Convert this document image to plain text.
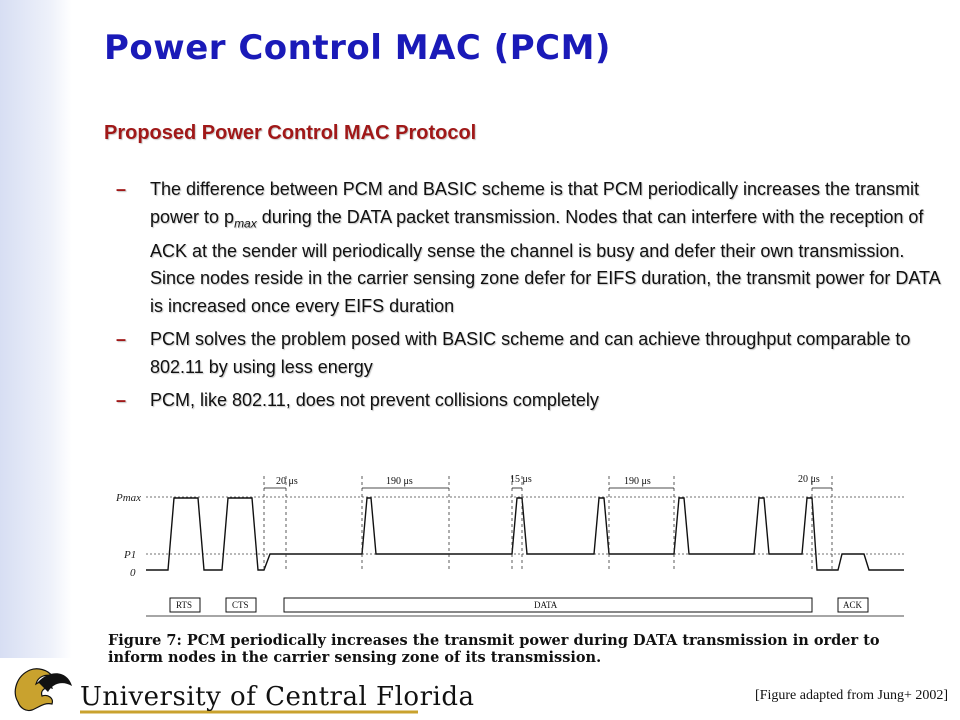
Power Control MAC (PCM)
Proposed Power Control MAC Protocol
– The difference between PCM and BASIC scheme is that PCM periodically increases the transmit power to $p_{max}$ during the DATA packet transmission. Nodes that can interfere with the reception of ACK at the sender will periodically sense the channel is busy and defer their own transmission. Since nodes reside in the carrier sensing zone defer for EIFS duration, the transmit power for DATA is increased once every EIFS duration
– PCM solves the problem posed with BASIC scheme and can achieve throughput comparable to 802.11 by using less energy
– PCM, like 802.11, does not prevent collisions completely
Pmax
P1
0
20 μs	190 μs	15 μs	190 μs	20 μs
RTS	CTS	DATA	ACK

Figure 7: PCM periodically increases the transmit power during DATA transmission in order to inform nodes in the carrier sensing zone of its transmission.

University of Central Florida	[Figure adapted from Jung+ 2002]
